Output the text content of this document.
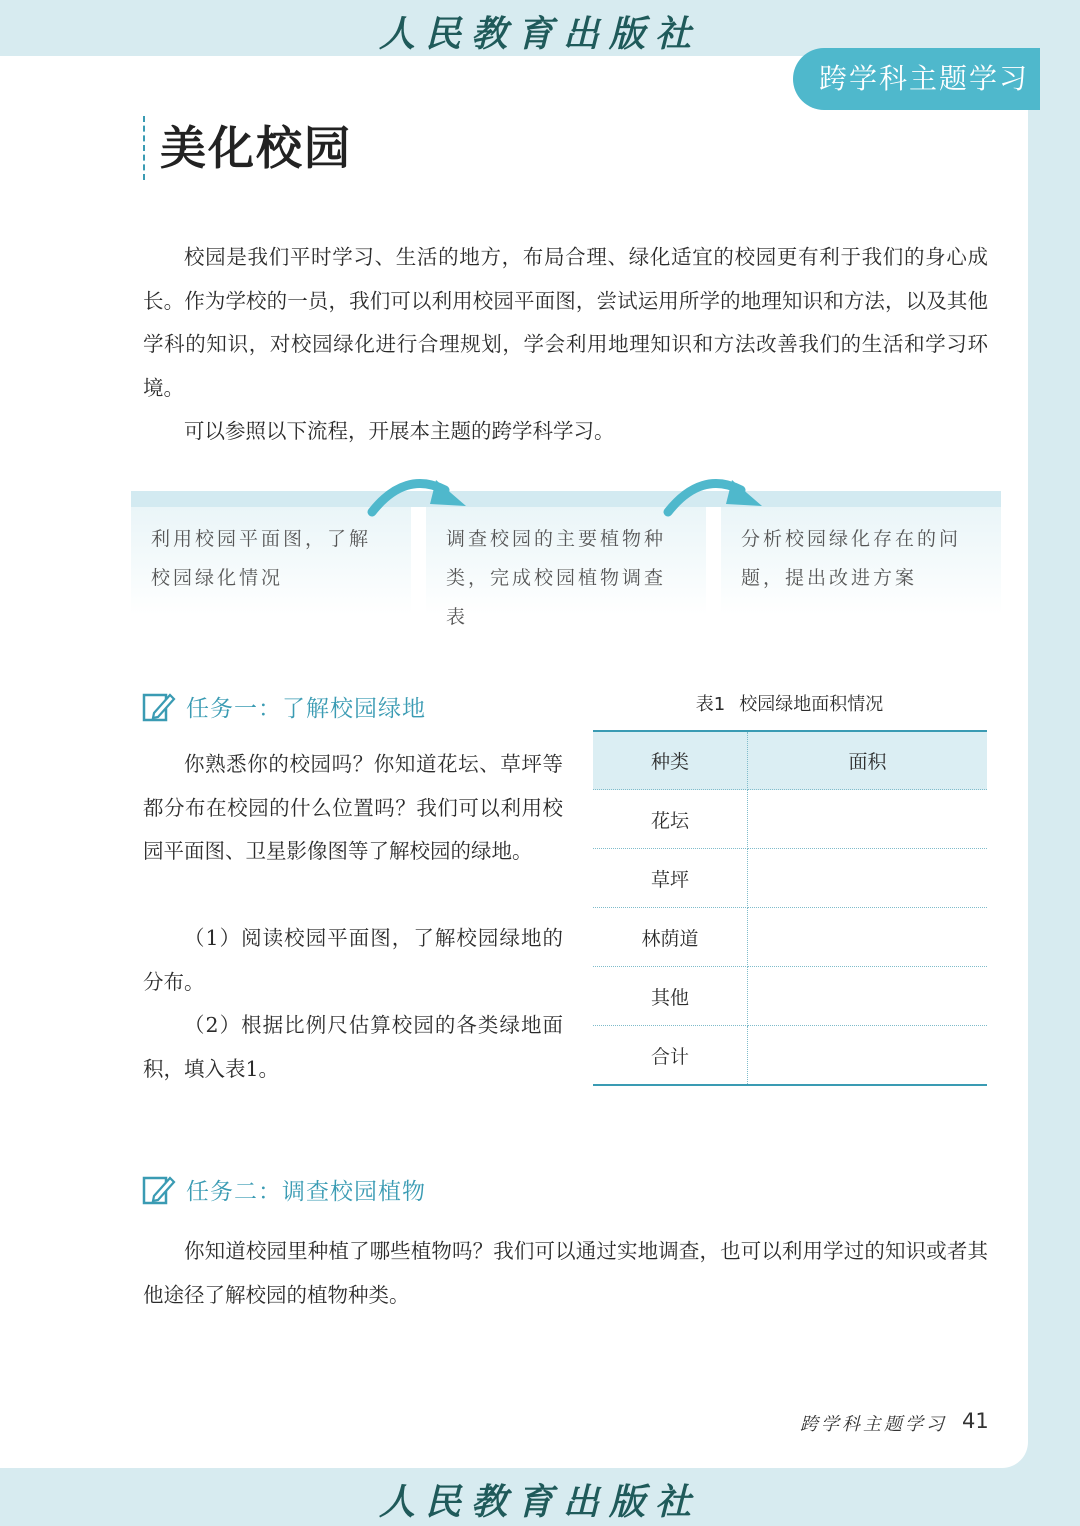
人民教育出版社
跨学科主题学习
美化校园

校园是我们平时学习、生活的地方，布局合理、绿化适宜的校园更有利于我们的身心成长。作为学校的一员，我们可以利用校园平面图，尝试运用所学的地理知识和方法，以及其他学科的知识，对校园绿化进行合理规划，学会利用地理知识和方法改善我们的生活和学习环境。

可以参照以下流程，开展本主题的跨学科学习。

利用校园平面图，了解校园绿化情况
调查校园的主要植物种类，完成校园植物调查表
分析校园绿化存在的问题，提出改进方案
任务一：了解校园绿地

你熟悉你的校园吗？你知道花坛、草坪等都分布在校园的什么位置吗？我们可以利用校园平面图、卫星影像图等了解校园的绿地。

（1）阅读校园平面图，了解校园绿地的分布。

（2）根据比例尺估算校园的各类绿地面积，填入表1。

表1 校园绿地面积情况
种类	面积
花坛	
草坪	
林荫道	
其他	
合计	
任务二：调查校园植物

你知道校园里种植了哪些植物吗？我们可以通过实地调查，也可以利用学过的知识或者其他途径了解校园的植物种类。

跨学科主题学习 41
人民教育出版社
